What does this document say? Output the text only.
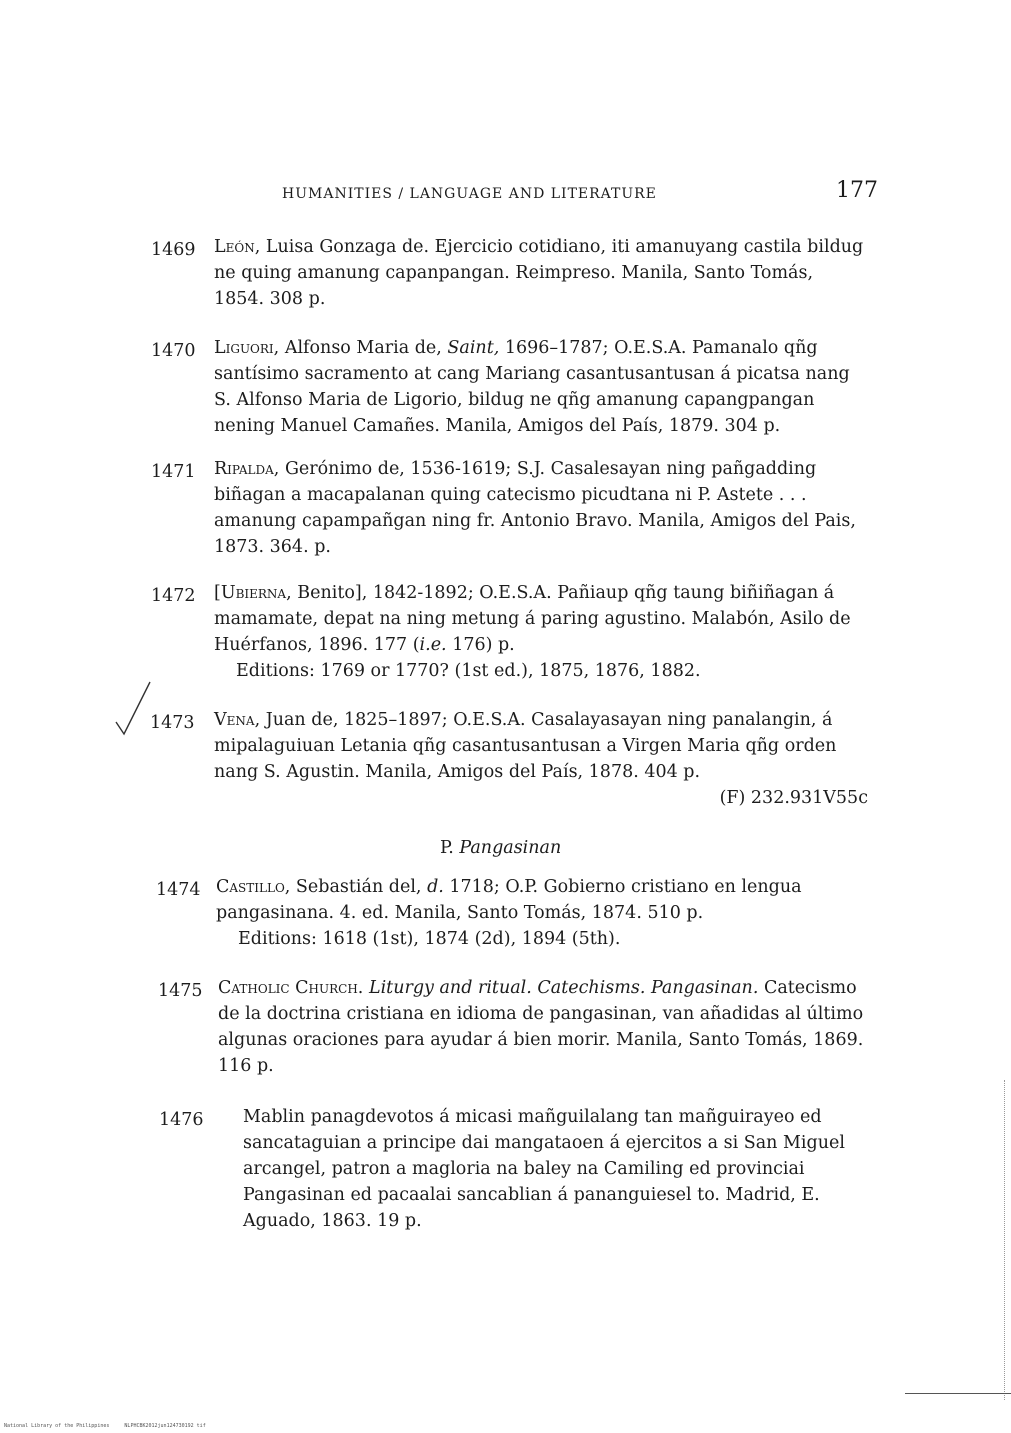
HUMANITIES / LANGUAGE AND LITERATURE	177
1469 León, Luisa Gonzaga de. Ejercicio cotidiano, iti amanuyang castila bildug ne quing amanung capanpangan. Reimpreso. Manila, Santo Tomás, 1854. 308 p.
1470 Liguori, Alfonso Maria de, Saint, 1696–1787; O.E.S.A. Pamanalo qñg santísimo sacramento at cang Mariang casantusantusan á picatsa nang S. Alfonso Maria de Ligorio, bildug ne qñg amanung capangpangan nening Manuel Camañes. Manila, Amigos del País, 1879. 304 p.
1471 Ripalda, Gerónimo de, 1536-1619; S.J. Casalesayan ning pañgadding biñagan a macapalanan quing catecismo picudtana ni P. Astete . . . amanung capampañgan ning fr. Antonio Bravo. Manila, Amigos del Pais, 1873. 364. p.
1472 [Ubierna, Benito], 1842-1892; O.E.S.A. Pañiaup qñg taung biñiñagan á mamamate, depat na ning metung á paring agustino. Malabón, Asilo de Huérfanos, 1896. 177 (i.e. 176) p.
Editions: 1769 or 1770? (1st ed.), 1875, 1876, 1882.
1473 Vena, Juan de, 1825–1897; O.E.S.A. Casalayasayan ning panalangin, á mipalaguiuan Letania qñg casantusantusan a Virgen Maria qñg orden nang S. Agustin. Manila, Amigos del País, 1878. 404 p.
(F) 232.931V55c
P. Pangasinan
1474 Castillo, Sebastián del, d. 1718; O.P. Gobierno cristiano en lengua pangasinana. 4. ed. Manila, Santo Tomás, 1874. 510 p.
Editions: 1618 (1st), 1874 (2d), 1894 (5th).
1475 Catholic Church. Liturgy and ritual. Catechisms. Pangasinan. Catecismo de la doctrina cristiana en idioma de pangasinan, van añadidas al último algunas oraciones para ayudar á bien morir. Manila, Santo Tomás, 1869. 116 p.
1476 Mablin panagdevotos á micasi mañguilalang tan mañguirayeo ed sancataguian a principe dai mangataoen á ejercitos a si San Miguel arcangel, patron a magloria na baley na Camiling ed provinciai Pangasinan ed pacaalai sancablian á pananguiesel to. Madrid, E. Aguado, 1863. 19 p.
National Library of the Philippines	NLPHCBK2012jun124730192 tif
